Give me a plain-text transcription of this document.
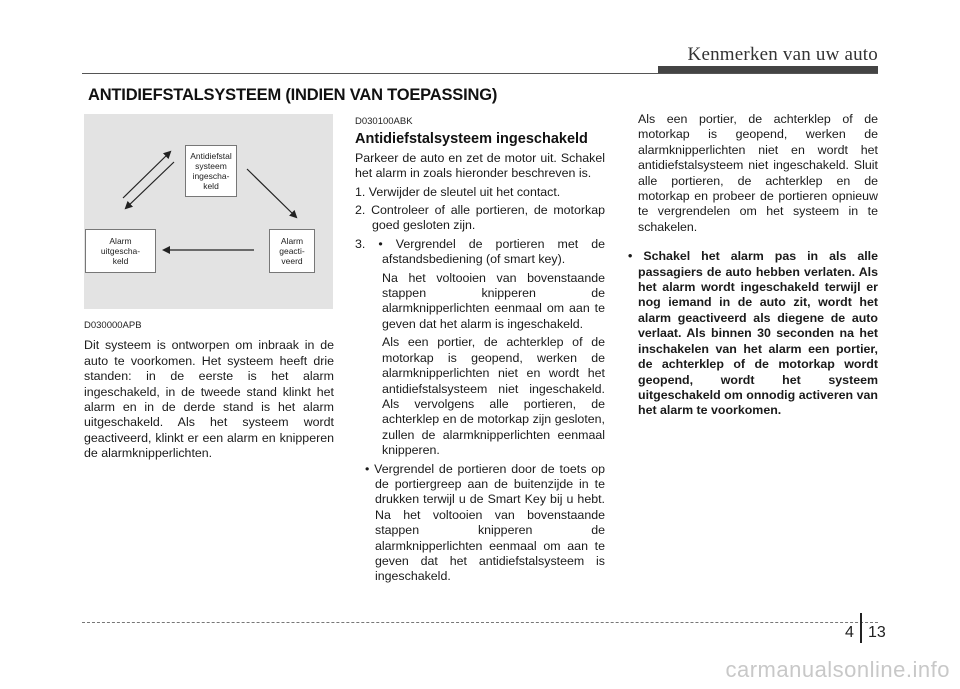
Kenmerken van uw auto
ANTIDIEFSTALSYSTEEM (INDIEN VAN TOEPASSING)
Antidiefstal
systeem
ingescha-
keld
Alarm
uitgescha-
keld
Alarm
geacti-
veerd

D030000APB

Dit systeem is ontworpen om inbraak in de auto te voorkomen. Het systeem heeft drie standen: in de eerste is het alarm ingeschakeld, in de tweede stand klinkt het alarm en in de derde stand is het alarm uitgeschakeld. Als het systeem wordt geactiveerd, klinkt er een alarm en knipperen de alarmknipperlichten.

D030100ABK

Antidiefstalsysteem ingeschakeld

Parkeer de auto en zet de motor uit. Schakel het alarm in zoals hieronder beschreven is.

1. Verwijder de sleutel uit het contact.

2. Controleer of alle portieren, de motorkap goed gesloten zijn.

3. • Vergrendel de portieren met de afstandsbediening (of smart key).

Na het voltooien van bovenstaande stappen knipperen de alarmknipperlichten eenmaal om aan te geven dat het alarm is ingeschakeld.

Als een portier, de achterklep of de motorkap is geopend, werken de alarmknipperlichten niet en wordt het antidiefstalsysteem niet ingeschakeld. Als vervolgens alle portieren, de achterklep en de motorkap zijn gesloten, zullen de alarmknipperlichten eenmaal knipperen.

• Vergrendel de portieren door de toets op de portiergreep aan de buitenzijde in te drukken terwijl u de Smart Key bij u hebt. Na het voltooien van bovenstaande stappen knipperen de alarmknipperlichten eenmaal om aan te geven dat het antidiefstalsysteem is ingeschakeld.

Als een portier, de achterklep of de motorkap is geopend, werken de alarmknipperlichten niet en wordt het antidiefstalsysteem niet ingeschakeld. Sluit alle portieren, de achterklep en de motorkap en probeer de portieren opnieuw te vergrendelen om het systeem in te schakelen.

• Schakel het alarm pas in als alle passagiers de auto hebben verlaten. Als het alarm wordt ingeschakeld terwijl er nog iemand in de auto zit, wordt het alarm geactiveerd als diegene de auto verlaat. Als binnen 30 seconden na het inschakelen van het alarm een portier, de achterklep of de motorkap wordt geopend, wordt het systeem uitgeschakeld om onnodig activeren van het alarm te voorkomen.

4 13
carmanualsonline.info
